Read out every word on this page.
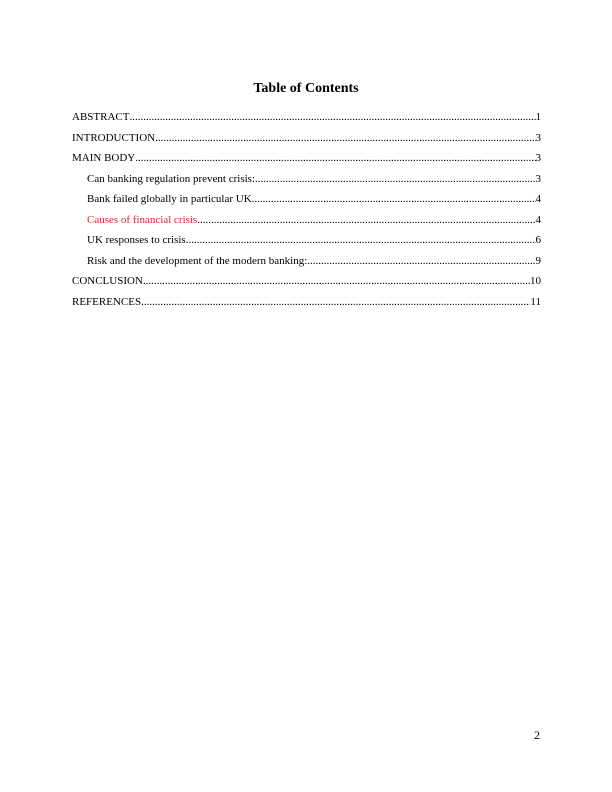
Table of Contents
ABSTRACT .....	1
INTRODUCTION .....	3
MAIN BODY .....	3
Can banking regulation prevent crisis: .....	3
Bank failed globally in particular UK .....	4
Causes of financial crisis .....	4
UK responses to crisis .....	6
Risk and the development of the modern banking: .....	9
CONCLUSION .....	10
REFERENCES .....	11
2
